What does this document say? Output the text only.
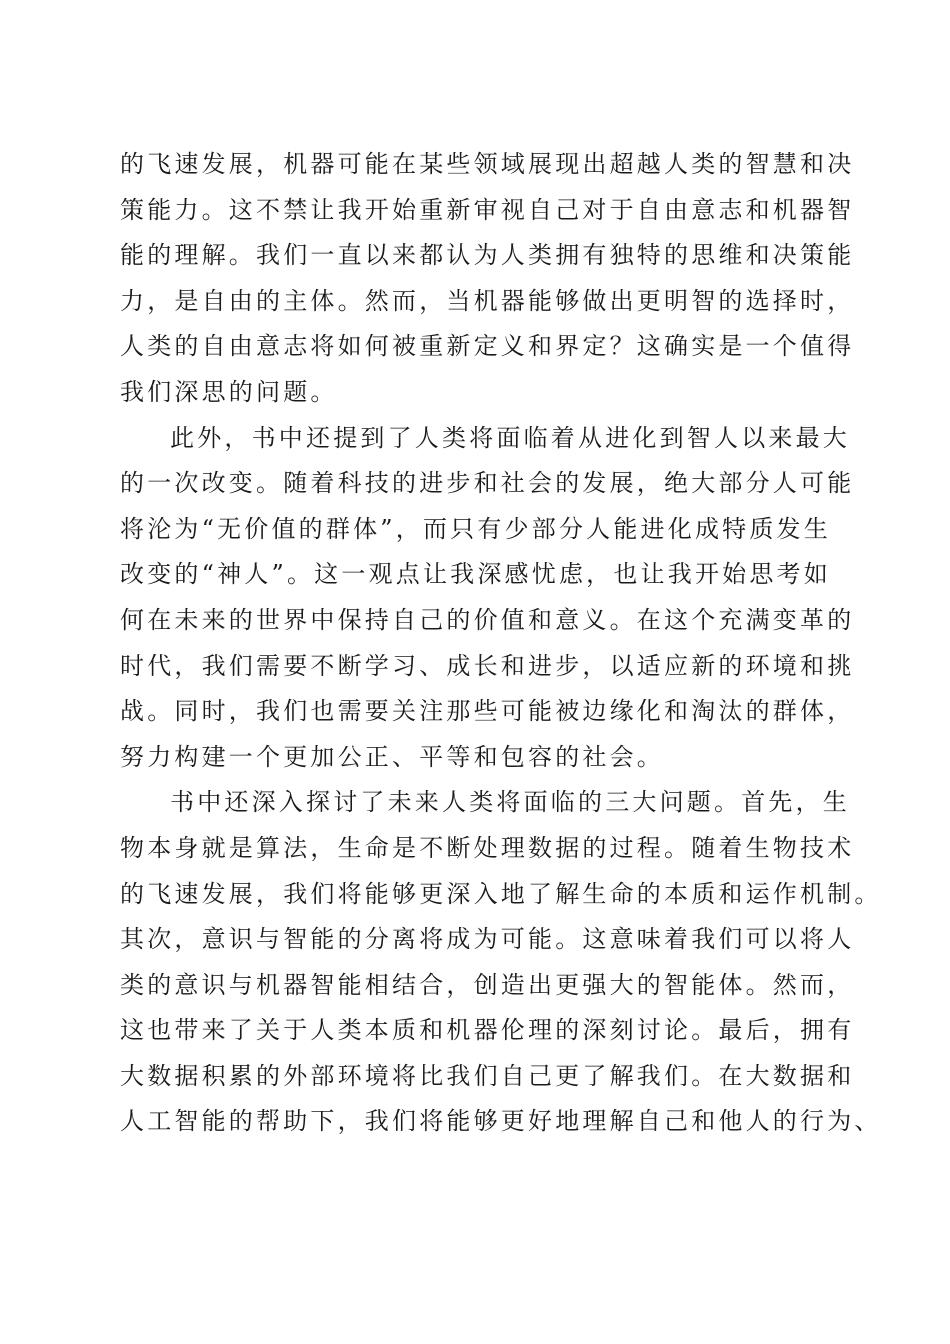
的飞速发展，机器可能在某些领域展现出超越人类的智慧和决
策能力。这不禁让我开始重新审视自己对于自由意志和机器智
能的理解。我们一直以来都认为人类拥有独特的思维和决策能
力，是自由的主体。然而，当机器能够做出更明智的选择时，
人类的自由意志将如何被重新定义和界定？这确实是一个值得
我们深思的问题。
此外，书中还提到了人类将面临着从进化到智人以来最大
的一次改变。随着科技的进步和社会的发展，绝大部分人可能
将沦为“无价值的群体”，而只有少部分人能进化成特质发生
改变的“神人”。这一观点让我深感忧虑，也让我开始思考如
何在未来的世界中保持自己的价值和意义。在这个充满变革的
时代，我们需要不断学习、成长和进步，以适应新的环境和挑
战。同时，我们也需要关注那些可能被边缘化和淘汰的群体，
努力构建一个更加公正、平等和包容的社会。
书中还深入探讨了未来人类将面临的三大问题。首先，生
物本身就是算法，生命是不断处理数据的过程。随着生物技术
的飞速发展，我们将能够更深入地了解生命的本质和运作机制。
其次，意识与智能的分离将成为可能。这意味着我们可以将人
类的意识与机器智能相结合，创造出更强大的智能体。然而，
这也带来了关于人类本质和机器伦理的深刻讨论。最后，拥有
大数据积累的外部环境将比我们自己更了解我们。在大数据和
人工智能的帮助下，我们将能够更好地理解自己和他人的行为、
